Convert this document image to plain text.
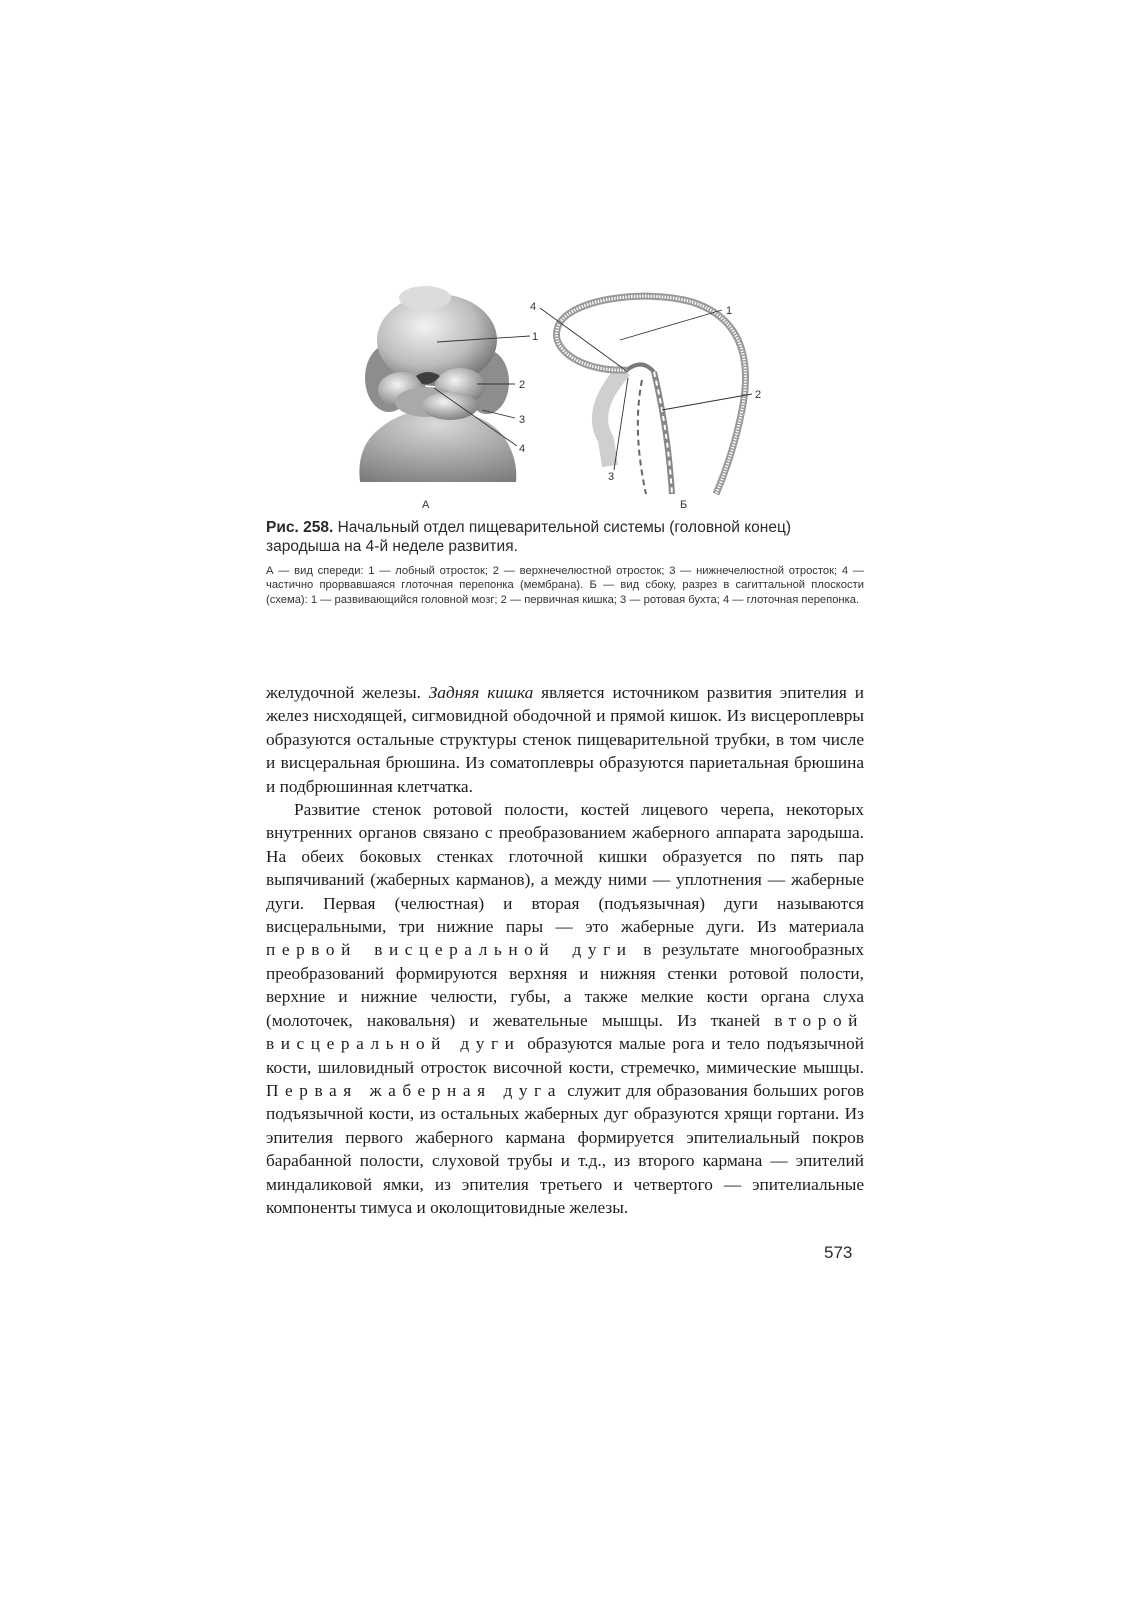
1
2
3
4
А
4	1
2
3
Б
Рис. 258. Начальный отдел пищеварительной системы (головной конец) зародыша на 4-й неделе развития.
А — вид спереди: 1 — лобный отросток; 2 — верхнечелюстной отросток; 3 — нижнечелюстной отросток; 4 — частично прорвавшаяся глоточная перепонка (мембрана). Б — вид сбоку, разрез в сагиттальной плоскости (схема): 1 — развивающийся головной мозг; 2 — первичная кишка; 3 — ротовая бухта; 4 — глоточная перепонка.

желудочной железы. Задняя кишка является источником развития эпителия и желез нисходящей, сигмовидной ободочной и прямой кишок. Из висцероплевры образуются остальные структуры стенок пищеварительной трубки, в том числе и висцеральная брюшина. Из соматоплевры образуются париетальная брюшина и подбрюшинная клетчатка.

Развитие стенок ротовой полости, костей лицевого черепа, некоторых внутренних органов связано с преобразованием жаберного аппарата зародыша. На обеих боковых стенках глоточной кишки образуется по пять пар выпячиваний (жаберных карманов), а между ними — уплотнения — жаберные дуги. Первая (челюстная) и вторая (подъязычная) дуги называются висцеральными, три нижние пары — это жаберные дуги. Из материала первой висцеральной дуги в результате многообразных преобразований формируются верхняя и нижняя стенки ротовой полости, верхние и нижние челюсти, губы, а также мелкие кости органа слуха (молоточек, наковальня) и жевательные мышцы. Из тканей второй висцеральной дуги образуются малые рога и тело подъязычной кости, шиловидный отросток височной кости, стремечко, мимические мышцы. Первая жаберная дуга служит для образования больших рогов подъязычной кости, из остальных жаберных дуг образуются хрящи гортани. Из эпителия первого жаберного кармана формируется эпителиальный покров барабанной полости, слуховой трубы и т.д., из второго кармана — эпителий миндаликовой ямки, из эпителия третьего и четвертого — эпителиальные компоненты тимуса и околощитовидные железы.

573
